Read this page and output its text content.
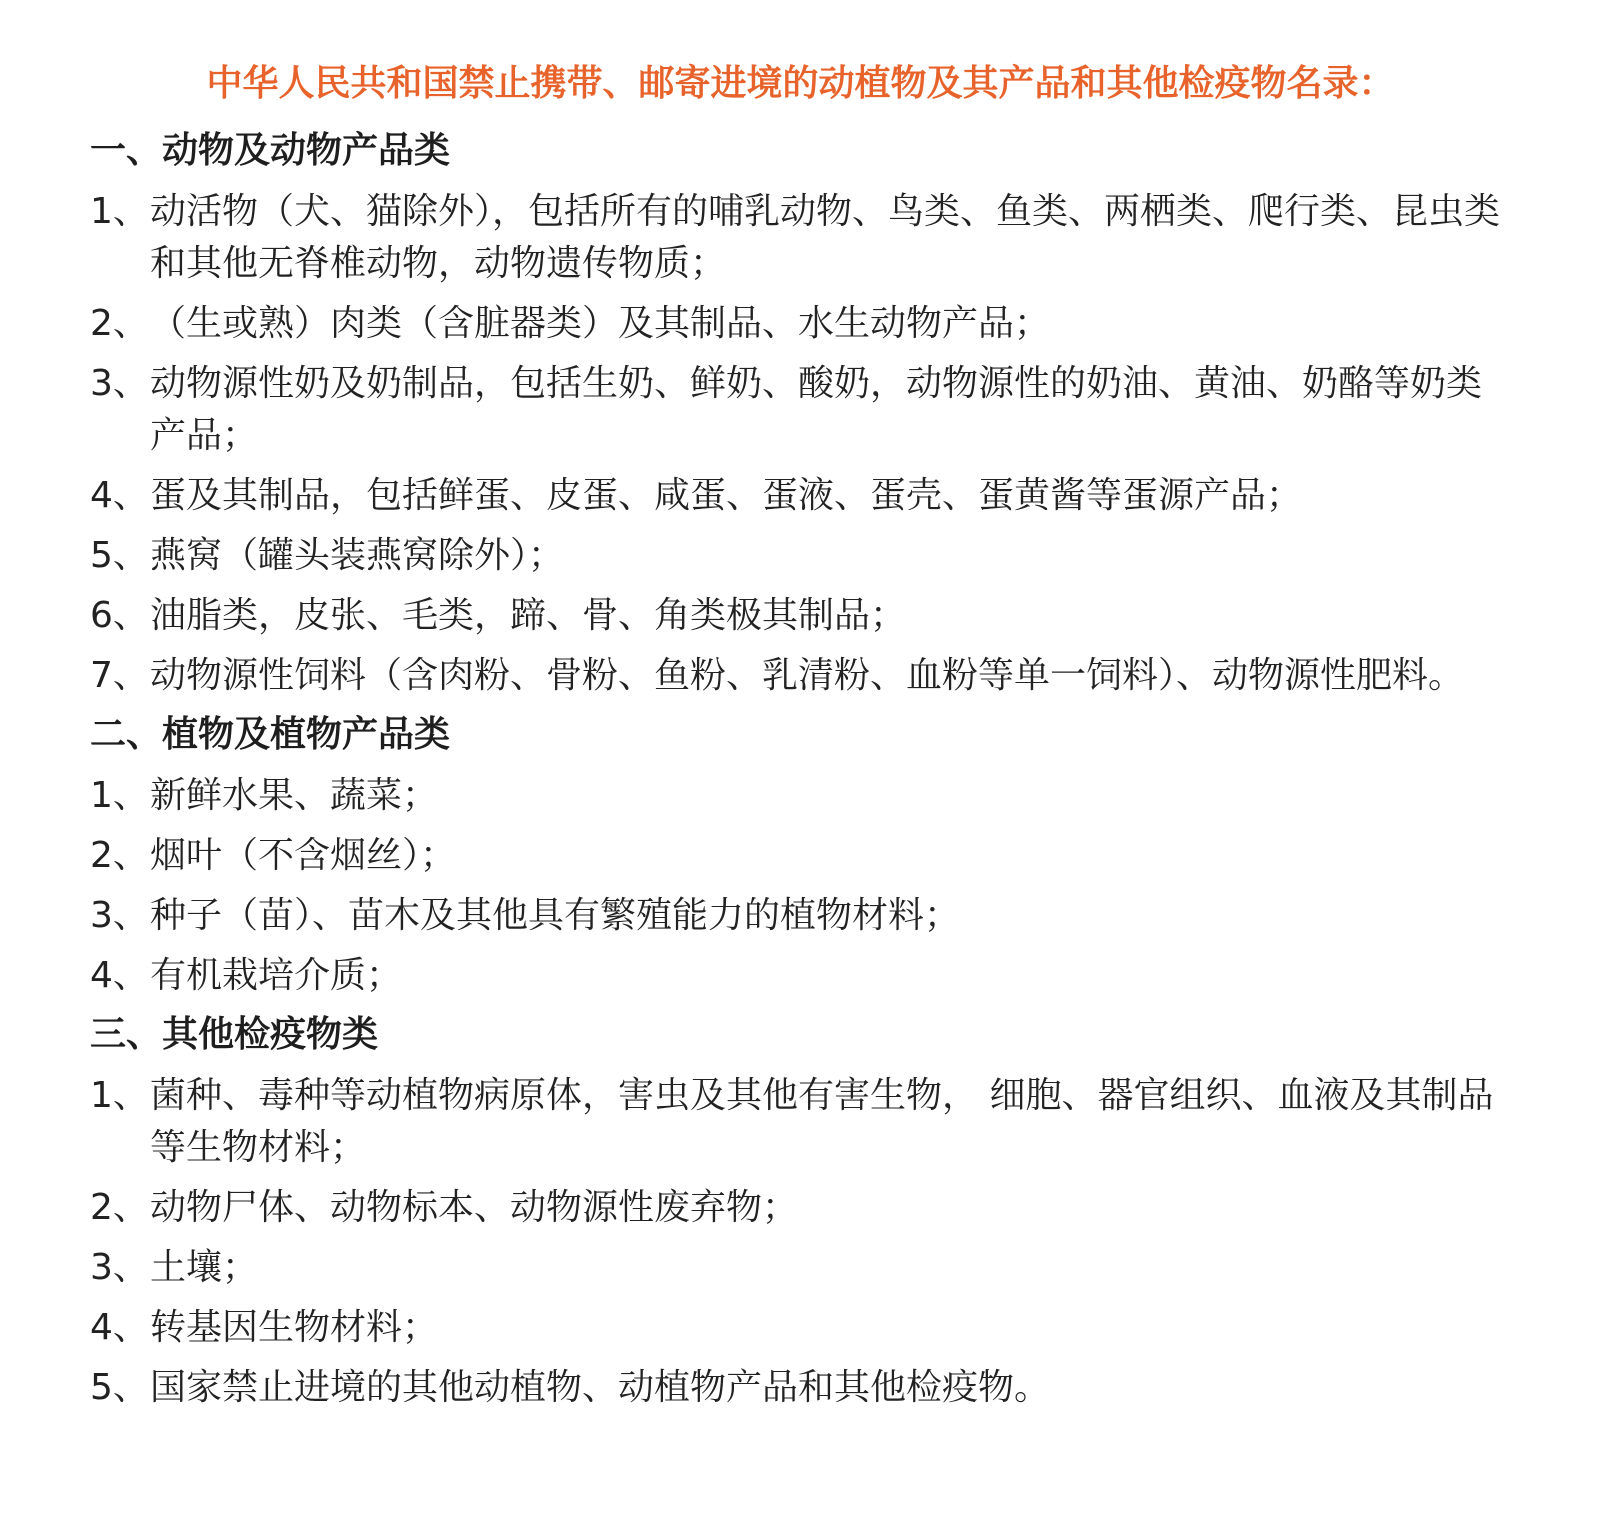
中华人民共和国禁止携带、邮寄进境的动植物及其产品和其他检疫物名录：
一、动物及动物产品类
1、 动活物（犬、猫除外），包括所有的哺乳动物、鸟类、鱼类、两栖类、爬行类、昆虫类 和其他无脊椎动物，动物遗传物质；
2、 （生或熟）肉类（含脏器类）及其制品、水生动物产品；
3、 动物源性奶及奶制品，包括生奶、鲜奶、酸奶，动物源性的奶油、黄油、奶酪等奶类产品；
4、 蛋及其制品，包括鲜蛋、皮蛋、咸蛋、蛋液、蛋壳、蛋黄酱等蛋源产品；
5、 燕窝（罐头装燕窝除外）；
6、 油脂类，皮张、毛类，蹄、骨、角类极其制品；
7、 动物源性饲料（含肉粉、骨粉、鱼粉、乳清粉、血粉等单一饲料）、动物源性肥料。
二、植物及植物产品类
1、 新鲜水果、蔬菜；
2、 烟叶（不含烟丝）；
3、 种子（苗）、苗木及其他具有繁殖能力的植物材料；
4、 有机栽培介质；
三、其他检疫物类
1、 菌种、毒种等动植物病原体，害虫及其他有害生物， 细胞、器官组织、血液及其制品等生物材料；
2、 动物尸体、动物标本、动物源性废弃物；
3、 土壤；
4、 转基因生物材料；
5、 国家禁止进境的其他动植物、动植物产品和其他检疫物。
